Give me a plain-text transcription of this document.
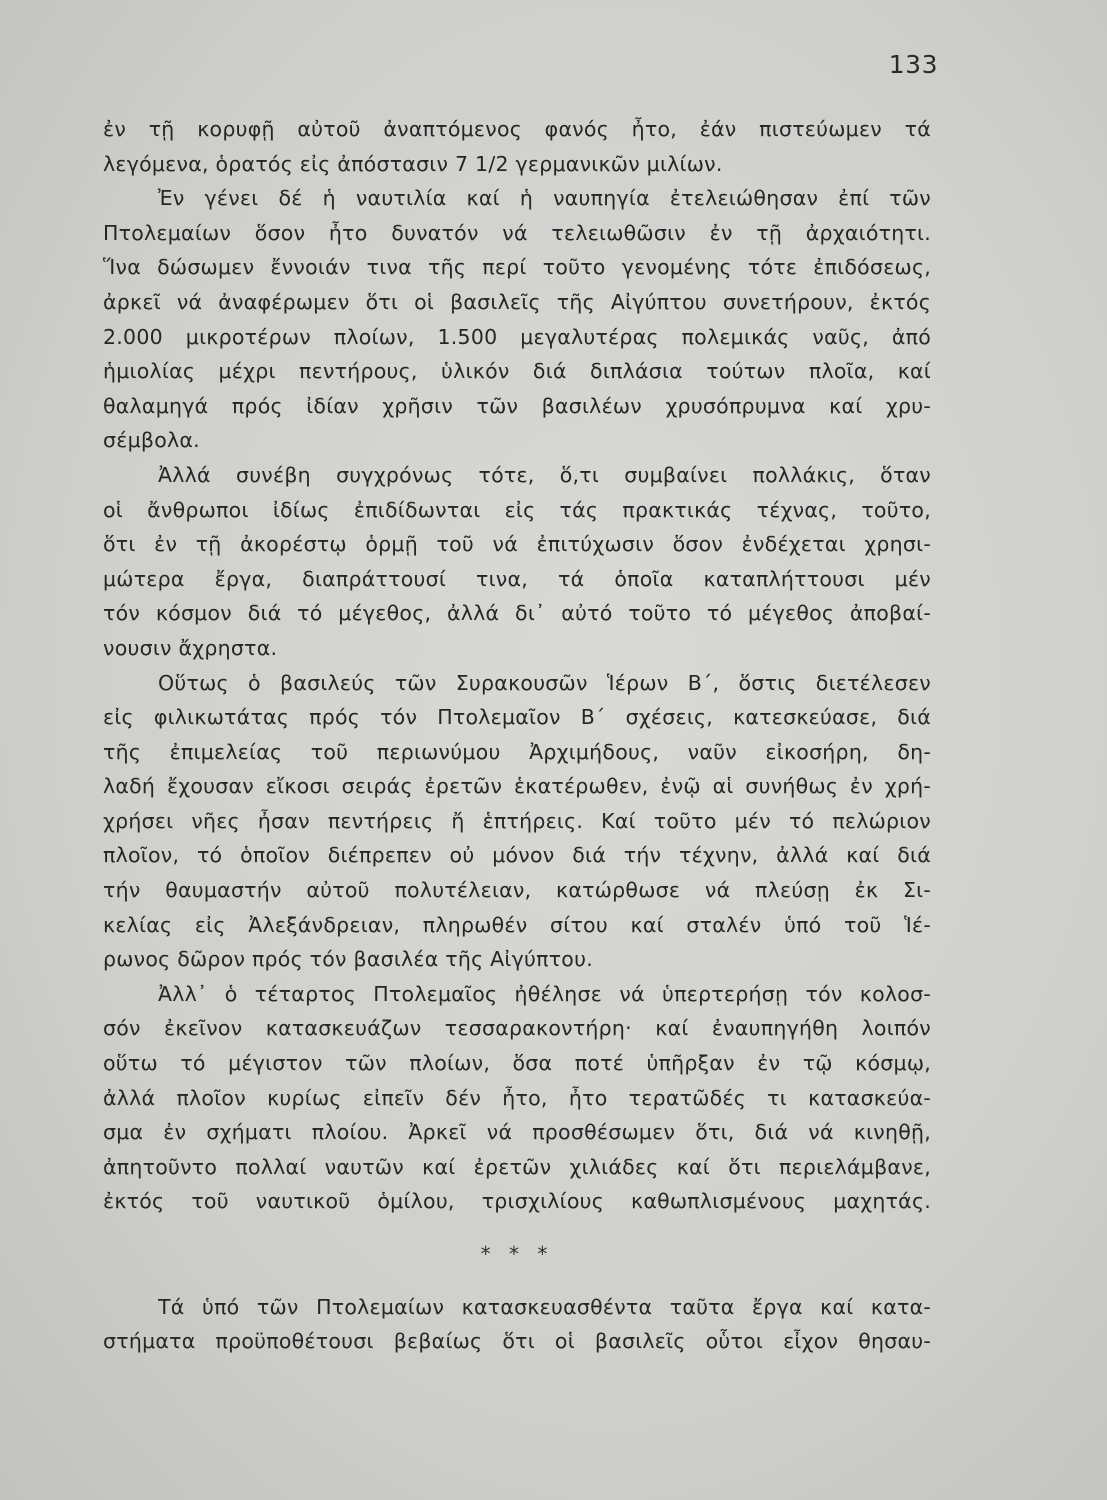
133
ἐν τῇ κορυφῇ αὐτοῦ ἀναπτόμενος φανός ἦτο, ἐάν πιστεύωμεν τά
λεγόμενα, ὁρατός εἰς ἀπόστασιν 7 1/2 γερμανικῶν μιλίων.
Ἐν γένει δέ ἡ ναυτιλία καί ἡ ναυπηγία ἐτελειώθησαν ἐπί τῶν
Πτολεμαίων ὅσον ἦτο δυνατόν νά τελειωθῶσιν ἐν τῇ ἀρχαιότητι.
Ἵνα δώσωμεν ἔννοιάν τινα τῆς περί τοῦτο γενομένης τότε ἐπιδόσεως,
ἀρκεῖ νά ἀναφέρωμεν ὅτι οἱ βασιλεῖς τῆς Αἰγύπτου συνετήρουν, ἐκτός
2.000 μικροτέρων πλοίων, 1.500 μεγαλυτέρας πολεμικάς ναῦς, ἀπό
ἡμιολίας μέχρι πεντήρους, ὑλικόν διά διπλάσια τούτων πλοῖα, καί
θαλαμηγά πρός ἰδίαν χρῆσιν τῶν βασιλέων χρυσόπρυμνα καί χρυ-
σέμβολα.
Ἀλλά συνέβη συγχρόνως τότε, ὅ,τι συμβαίνει πολλάκις, ὅταν
οἱ ἄνθρωποι ἰδίως ἐπιδίδωνται εἰς τάς πρακτικάς τέχνας, τοῦτο,
ὅτι ἐν τῇ ἀκορέστῳ ὁρμῇ τοῦ νά ἐπιτύχωσιν ὅσον ἐνδέχεται χρησι-
μώτερα ἔργα, διαπράττουσί τινα, τά ὁποῖα καταπλήττουσι μέν
τόν κόσμον διά τό μέγεθος, ἀλλά δι᾽ αὐτό τοῦτο τό μέγεθος ἀποβαί-
νουσιν ἄχρηστα.
Οὕτως ὁ βασιλεύς τῶν Συρακουσῶν Ἱέρων Β΄, ὅστις διετέλεσεν
εἰς φιλικωτάτας πρός τόν Πτολεμαῖον Β΄ σχέσεις, κατεσκεύασε, διά
τῆς ἐπιμελείας τοῦ περιωνύμου Ἀρχιμήδους, ναῦν εἰκοσήρη, δη-
λαδή ἔχουσαν εἴκοσι σειράς ἐρετῶν ἑκατέρωθεν, ἐνῷ αἱ συνήθως ἐν χρή-
χρήσει νῆες ἦσαν πεντήρεις ἤ ἑπτήρεις. Καί τοῦτο μέν τό πελώριον
πλοῖον, τό ὁποῖον διέπρεπεν οὐ μόνον διά τήν τέχνην, ἀλλά καί διά
τήν θαυμαστήν αὐτοῦ πολυτέλειαν, κατώρθωσε νά πλεύσῃ ἐκ Σι-
κελίας εἰς Ἀλεξάνδρειαν, πληρωθέν σίτου καί σταλέν ὑπό τοῦ Ἱέ-
ρωνος δῶρον πρός τόν βασιλέα τῆς Αἰγύπτου.
Ἀλλ᾽ ὁ τέταρτος Πτολεμαῖος ἠθέλησε νά ὑπερτερήσῃ τόν κολοσ-
σόν ἐκεῖνον κατασκευάζων τεσσαρακοντήρη· καί ἐναυπηγήθη λοιπόν
οὕτω τό μέγιστον τῶν πλοίων, ὅσα ποτέ ὑπῆρξαν ἐν τῷ κόσμῳ,
ἀλλά πλοῖον κυρίως εἰπεῖν δέν ἦτο, ἦτο τερατῶδές τι κατασκεύα-
σμα ἐν σχήματι πλοίου. Ἀρκεῖ νά προσθέσωμεν ὅτι, διά νά κινηθῇ,
ἀπητοῦντο πολλαί ναυτῶν καί ἐρετῶν χιλιάδες καί ὅτι περιελάμβανε,
ἐκτός τοῦ ναυτικοῦ ὁμίλου, τρισχιλίους καθωπλισμένους μαχητάς.
* * *
Τά ὑπό τῶν Πτολεμαίων κατασκευασθέντα ταῦτα ἔργα καί κατα-
στήματα προϋποθέτουσι βεβαίως ὅτι οἱ βασιλεῖς οὗτοι εἶχον θησαυ-
